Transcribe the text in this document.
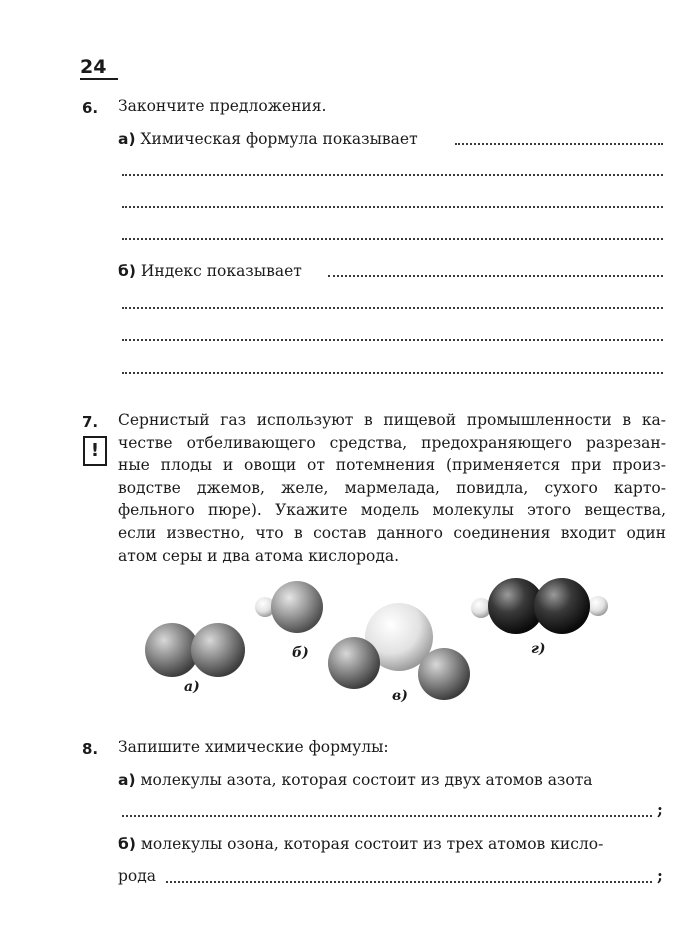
24
6. Закончите предложения.
а) Химическая формула показывает
б) Индекс показывает
7.
!

Сернистый газ используют в пищевой промышленности в ка-

честве отбеливающего средства, предохраняющего разрезан-

ные плоды и овощи от потемнения (применяется при произ-

водстве джемов, желе, мармелада, повидла, сухого карто-

фельного пюре). Укажите модель молекулы этого вещества,

если известно, что в состав данного соединения входит один

атом серы и два атома кислорода.

а)
б)
в)
г)
8. Запишите химические формулы:
а) молекулы азота, которая состоит из двух атомов азота
;
б) молекулы озона, которая состоит из трех атомов кисло-
рода	;
